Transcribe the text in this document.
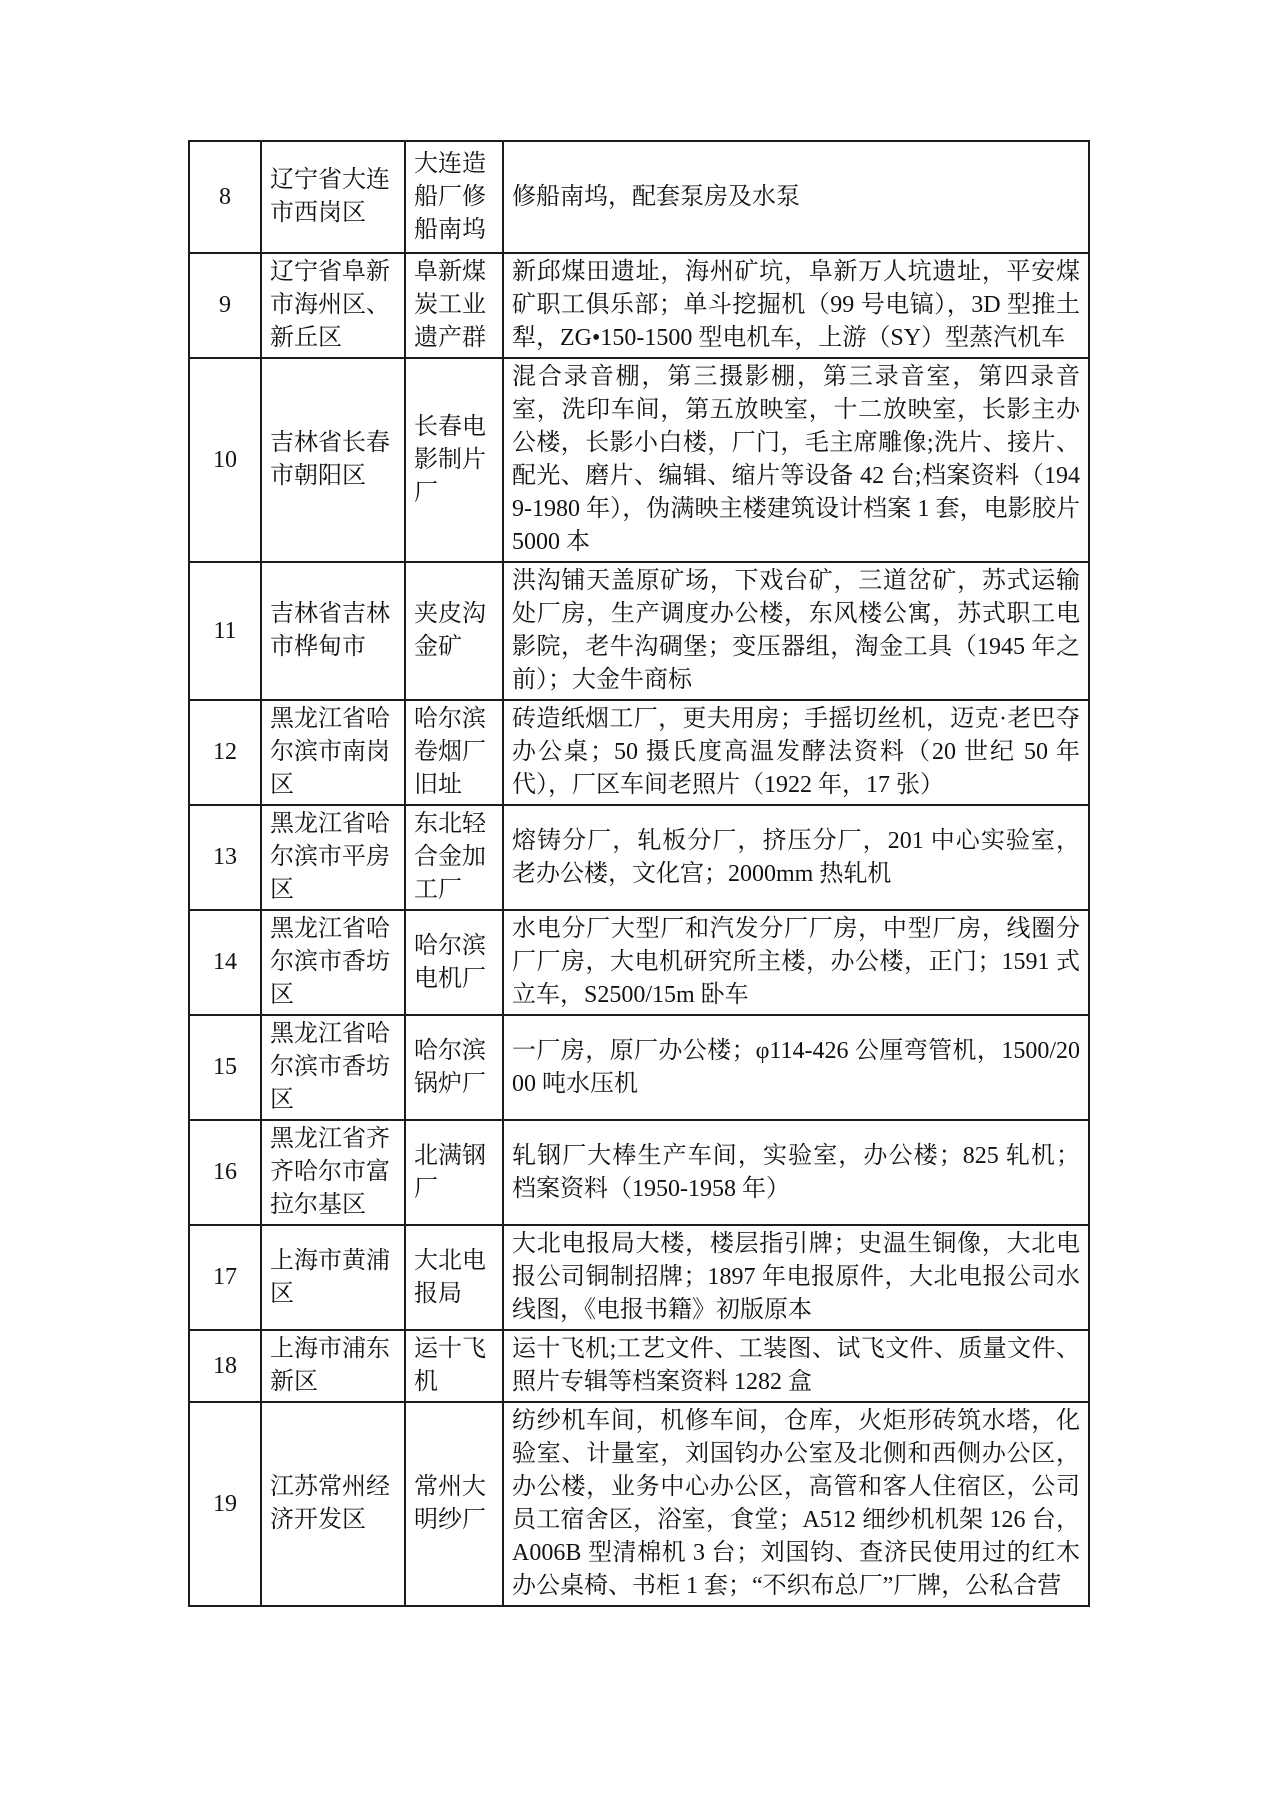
8	辽宁省大连市西岗区	大连造船厂修船南坞	修船南坞，配套泵房及水泵
9	辽宁省阜新市海州区、新丘区	阜新煤炭工业遗产群	新邱煤田遗址，海州矿坑，阜新万人坑遗址，平安煤矿职工俱乐部；单斗挖掘机（99 号电镐），3D 型推土犁，ZG•150-1500 型电机车，上游（SY）型蒸汽机车
10	吉林省长春市朝阳区	长春电影制片厂	混合录音棚，第三摄影棚，第三录音室，第四录音室，洗印车间，第五放映室，十二放映室，长影主办公楼，长影小白楼，厂门，毛主席雕像;洗片、接片、配光、磨片、编辑、缩片等设备 42 台;档案资料（1949-1980 年），伪满映主楼建筑设计档案 1 套，电影胶片 5000 本
11	吉林省吉林市桦甸市	夹皮沟金矿	洪沟铺天盖原矿场，下戏台矿，三道岔矿，苏式运输处厂房，生产调度办公楼，东风楼公寓，苏式职工电影院，老牛沟碉堡；变压器组，淘金工具（1945 年之前）；大金牛商标
12	黑龙江省哈尔滨市南岗区	哈尔滨卷烟厂旧址	砖造纸烟工厂，更夫用房；手摇切丝机，迈克·老巴夺办公桌；50 摄氏度高温发酵法资料（20 世纪 50 年代），厂区车间老照片（1922 年，17 张）
13	黑龙江省哈尔滨市平房区	东北轻合金加工厂	熔铸分厂，轧板分厂，挤压分厂，201 中心实验室，老办公楼，文化宫；2000mm 热轧机
14	黑龙江省哈尔滨市香坊区	哈尔滨电机厂	水电分厂大型厂和汽发分厂厂房，中型厂房，线圈分厂厂房，大电机研究所主楼，办公楼，正门；1591 式立车，S2500/15m 卧车
15	黑龙江省哈尔滨市香坊区	哈尔滨锅炉厂	一厂房，原厂办公楼；φ114-426 公厘弯管机，1500/2000 吨水压机
16	黑龙江省齐齐哈尔市富拉尔基区	北满钢厂	轧钢厂大棒生产车间，实验室，办公楼；825 轧机；档案资料（1950-1958 年）
17	上海市黄浦区	大北电报局	大北电报局大楼，楼层指引牌；史温生铜像，大北电报公司铜制招牌；1897 年电报原件，大北电报公司水线图，《电报书籍》初版原本
18	上海市浦东新区	运十飞机	运十飞机;工艺文件、工装图、试飞文件、质量文件、照片专辑等档案资料 1282 盒
19	江苏常州经济开发区	常州大明纱厂	纺纱机车间，机修车间，仓库，火炬形砖筑水塔，化验室、计量室，刘国钧办公室及北侧和西侧办公区，办公楼，业务中心办公区，高管和客人住宿区，公司员工宿舍区，浴室，食堂；A512 细纱机机架 126 台，A006B 型清棉机 3 台；刘国钧、查济民使用过的红木办公桌椅、书柜 1 套；“不织布总厂”厂牌，公私合营
